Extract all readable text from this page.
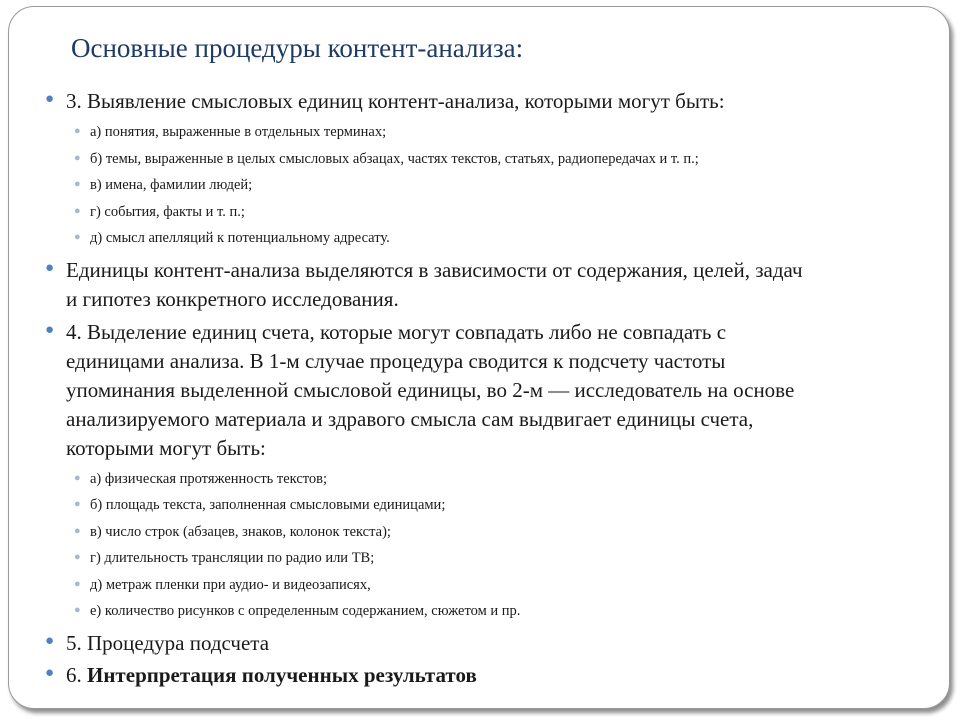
Основные процедуры контент-анализа:
● 3. Выявление смысловых единиц контент-анализа, которыми могут быть:
● а) понятия, выраженные в отдельных терминах;
● б) темы, выраженные в целых смысловых абзацах, частях текстов, статьях, радиопередачах и т. п.;
● в) имена, фамилии людей;
● г) события, факты и т. п.;
● д) смысл апелляций к потенциальному адресату.
● Единицы контент-анализа выделяются в зависимости от содержания, целей, задач
и гипотез конкретного исследования.
● 4. Выделение единиц счета, которые могут совпадать либо не совпадать с
единицами анализа. В 1-м случае процедура сводится к подсчету частоты
упоминания выделенной смысловой единицы, во 2-м — исследователь на основе
анализируемого материала и здравого смысла сам выдвигает единицы счета,
которыми могут быть:
● а) физическая протяженность текстов;
● б) площадь текста, заполненная смысловыми единицами;
● в) число строк (абзацев, знаков, колонок текста);
● г) длительность трансляции по радио или ТВ;
● д) метраж пленки при аудио- и видеозаписях,
● е) количество рисунков с определенным содержанием, сюжетом и пр.
● 5. Процедура подсчета
● 6. Интерпретация полученных результатов
